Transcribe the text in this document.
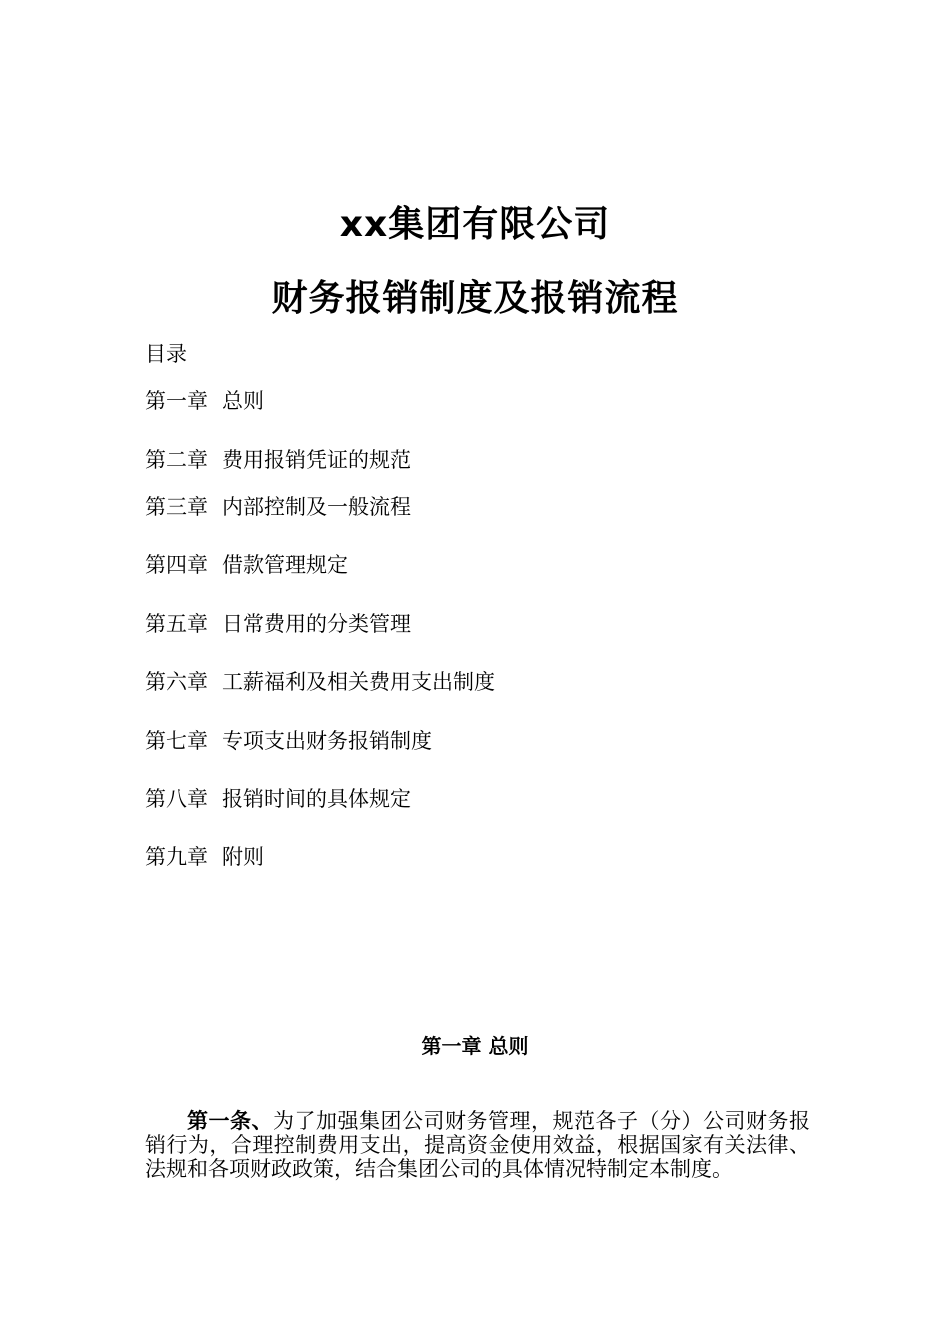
xx集团有限公司
财务报销制度及报销流程
目录
第一章 总则
第二章 费用报销凭证的规范
第三章 内部控制及一般流程
第四章 借款管理规定
第五章 日常费用的分类管理
第六章 工薪福利及相关费用支出制度
第七章 专项支出财务报销制度
第八章 报销时间的具体规定
第九章 附则
第一章 总则

第一条、为了加强集团公司财务管理，规范各子（分）公司财务报销行为，合理控制费用支出，提高资金使用效益，根据国家有关法律、法规和各项财政政策，结合集团公司的具体情况特制定本制度。
